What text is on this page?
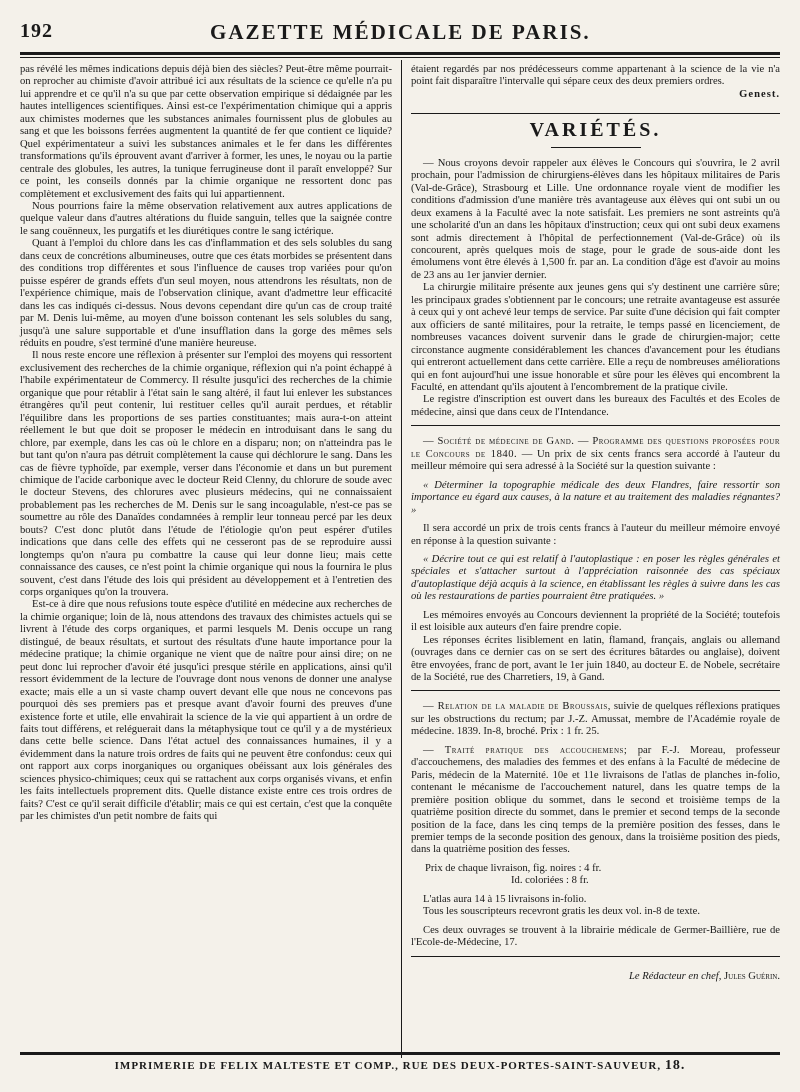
192	GAZETTE MÉDICALE DE PARIS.

pas révélé les mêmes indications depuis déjà bien des siècles? Peut-être même pourrait-on reprocher au chimiste d'avoir attribué ici aux résultats de la science ce qu'elle n'a pu lui apprendre et ce qu'il n'a su que par cette observation empirique si dédaignée par les hautes intelligences scientifiques. Ainsi est-ce l'expérimentation chimique qui a appris aux chimistes modernes que les substances animales fournissent plus de globules au sang et que les boissons ferrées augmentent la quantité de fer que contient ce liquide? Quel expérimentateur a suivi les substances animales et le fer dans les différentes transformations qu'ils éprouvent avant d'arriver à former, les unes, le noyau ou la partie centrale des globules, les autres, la tunique ferrugineuse dont il paraît enveloppé? Sur ce point, les conseils donnés par la chimie organique ne ressortent donc pas complètement et exclusivement des faits qui lui appartiennent.

Nous pourrions faire la même observation relativement aux autres applications de quelque valeur dans d'autres altérations du fluide sanguin, telles que la saignée contre le sang couënneux, les purgatifs et les diurétiques contre le sang ictérique.

Quant à l'emploi du chlore dans les cas d'inflammation et des sels solubles du sang dans ceux de concrétions albumineuses, outre que ces états morbides se présentent dans des conditions trop différentes et sous l'influence de causes trop variées pour qu'on puisse espérer de grands effets d'un seul moyen, nous attendrons les résultats, non de l'expérience chimique, mais de l'observation clinique, avant d'admettre leur efficacité dans les cas indiqués ci-dessus. Nous devons cependant dire qu'un cas de croup traité par M. Denis lui-même, au moyen d'une boisson contenant les sels solubles du sang, jusqu'à une salure supportable et d'une insufflation dans la gorge des mêmes sels réduits en poudre, s'est terminé d'une manière heureuse.

Il nous reste encore une réflexion à présenter sur l'emploi des moyens qui ressortent exclusivement des recherches de la chimie organique, réflexion qui n'a point échappé à l'habile expérimentateur de Commercy. Il résulte jusqu'ici des recherches de la chimie organique que pour rétablir à l'état sain le sang altéré, il faut lui enlever les substances étrangères qu'il peut contenir, lui restituer celles qu'il aurait perdues, et rétablir l'équilibre dans les proportions de ses parties constituantes; mais aura-t-on atteint réellement le but que doit se proposer le médecin en introduisant dans le sang du chlore, par exemple, dans les cas où le chlore en a disparu; non; on n'atteindra pas le but tant qu'on n'aura pas détruit complètement la cause qui déchlorure le sang. Dans les cas de fièvre typhoïde, par exemple, verser dans l'économie et dans un but purement chimique de l'acide carbonique avec le docteur Reid Clenny, du chlorure de soude avec le docteur Stevens, des chlorures avec plusieurs médecins, qui ne connaissaient probablement pas les recherches de M. Denis sur le sang incoagulable, n'est-ce pas se soumettre au rôle des Danaïdes condamnées à remplir leur tonneau percé par les deux bouts? C'est donc plutôt dans l'étude de l'étiologie qu'on peut espérer d'utiles indications que dans celle des effets qui ne cesseront pas de se reproduire aussi longtemps qu'on n'aura pu combattre la cause qui leur donne lieu; mais cette connaissance des causes, ce n'est point la chimie organique qui nous la fournira le plus souvent, c'est dans l'étude des lois qui président au développement et à l'entretien des corps organiques qu'on la trouvera.

Est-ce à dire que nous refusions toute espèce d'utilité en médecine aux recherches de la chimie organique; loin de là, nous attendons des travaux des chimistes actuels qui se livrent à l'étude des corps organiques, et parmi lesquels M. Denis occupe un rang distingué, de beaux résultats, et surtout des résultats d'une haute importance pour la médecine pratique; la chimie organique ne vient que de naître pour ainsi dire; on ne peut donc lui reprocher d'avoir été jusqu'ici presque stérile en applications, ainsi qu'il ressort évidemment de la lecture de l'ouvrage dont nous venons de donner une analyse exacte; mais elle a un si vaste champ ouvert devant elle que nous ne concevons pas pourquoi dès ses premiers pas et presque avant d'avoir fourni des preuves d'une existence forte et utile, elle envahirait la science de la vie qui appartient à un ordre de faits tout différens, et reléguerait dans la métaphysique tout ce qu'il y a de mystérieux dans cette belle science. Dans l'état actuel des connaissances humaines, il y a évidemment dans la nature trois ordres de faits qui ne peuvent être confondus: ceux qui ont rapport aux corps inorganiques ou organiques obéissant aux lois générales des sciences physico-chimiques; ceux qui se rattachent aux corps organisés vivans, et enfin les faits intellectuels proprement dits. Quelle distance existe entre ces trois ordres de faits? C'est ce qu'il serait difficile d'établir; mais ce qui est certain, c'est que la conquête par les chimistes d'un petit nombre de faits qui

étaient regardés par nos prédécesseurs comme appartenant à la science de la vie n'a point fait disparaître l'intervalle qui sépare ceux des deux premiers ordres.

Genest.

VARIÉTÉS.

— Nous croyons devoir rappeler aux élèves le Concours qui s'ouvrira, le 2 avril prochain, pour l'admission de chirurgiens-élèves dans les hôpitaux militaires de Paris (Val-de-Grâce), Strasbourg et Lille. Une ordonnance royale vient de modifier les conditions d'admission d'une manière très avantageuse aux élèves qui ont subi un ou deux examens à la Faculté avec la note satisfait. Les premiers ne sont astreints qu'à une scholarité d'un an dans les hôpitaux d'instruction; ceux qui ont subi deux examens sont admis directement à l'hôpital de perfectionnement (Val-de-Grâce) où ils concourent, après quelques mois de stage, pour le grade de sous-aide dont les émolumens vont être élevés à 1,500 fr. par an. La condition d'âge est d'avoir au moins de 23 ans au 1er janvier dernier.

La chirurgie militaire présente aux jeunes gens qui s'y destinent une carrière sûre; les principaux grades s'obtiennent par le concours; une retraite avantageuse est assurée à ceux qui y ont achevé leur temps de service. Par suite d'une décision qui fait compter aux officiers de santé militaires, pour la retraite, le temps passé en licenciement, de nombreuses vacances doivent survenir dans le grade de chirurgien-major; cette circonstance augmente considérablement les chances d'avancement pour les étudians qui entreront actuellement dans cette carrière. Elle a reçu de nombreuses améliorations qui en font aujourd'hui une issue honorable et sûre pour les élèves qui encombrent la Faculté, en attendant qu'ils ajoutent à l'encombrement de la pratique civile.

Le registre d'inscription est ouvert dans les bureaux des Facultés et des Ecoles de médecine, ainsi que dans ceux de l'Intendance.

— Société de médecine de Gand. — Programme des questions proposées pour le Concours de 1840. — Un prix de six cents francs sera accordé à l'auteur du meilleur mémoire qui sera adressé à la Société sur la question suivante :

« Déterminer la topographie médicale des deux Flandres, faire ressortir son importance eu égard aux causes, à la nature et au traitement des maladies régnantes? »

Il sera accordé un prix de trois cents francs à l'auteur du meilleur mémoire envoyé en réponse à la question suivante :

« Décrire tout ce qui est relatif à l'autoplastique : en poser les règles générales et spéciales et s'attacher surtout à l'appréciation raisonnée des cas spéciaux d'autoplastique déjà acquis à la science, en établissant les règles à suivre dans les cas où les restaurations de parties pourraient être pratiquées. »

Les mémoires envoyés au Concours deviennent la propriété de la Société; toutefois il est loisible aux auteurs d'en faire prendre copie.

Les réponses écrites lisiblement en latin, flamand, français, anglais ou allemand (ouvrages dans ce dernier cas on se sert des écritures bâtardes ou anglaise), doivent être envoyées, franc de port, avant le 1er juin 1840, au docteur E. de Nobele, secrétaire de la Société, rue des Charretiers, 19, à Gand.

— Relation de la maladie de Broussais, suivie de quelques réflexions pratiques sur les obstructions du rectum; par J.-Z. Amussat, membre de l'Académie royale de médecine. 1839. In-8, broché. Prix : 1 fr. 25.

— Traité pratique des accouchemens; par F.-J. Moreau, professeur d'accouchemens, des maladies des femmes et des enfans à la Faculté de médecine de Paris, médecin de la Maternité. 10e et 11e livraisons de l'atlas de planches in-folio, contenant le mécanisme de l'accouchement naturel, dans les quatre temps de la première position oblique du sommet, dans le second et troisième temps de la quatrième position directe du sommet, dans le premier et second temps de la seconde position de la face, dans les cinq temps de la première position des fesses, dans le premier temps de la seconde position des genoux, dans la troisième position des pieds, dans la quatrième position des fesses.

Prix de chaque livraison, fig. noires : 4 fr.

Id. coloriées : 8 fr.

L'atlas aura 14 à 15 livraisons in-folio.

Tous les souscripteurs recevront gratis les deux vol. in-8 de texte.

Ces deux ouvrages se trouvent à la librairie médicale de Germer-Baillière, rue de l'Ecole-de-Médecine, 17.

Le Rédacteur en chef, Jules Guérin.

IMPRIMERIE DE FELIX MALTESTE ET COMP., RUE DES DEUX-PORTES-SAINT-SAUVEUR, 18.
